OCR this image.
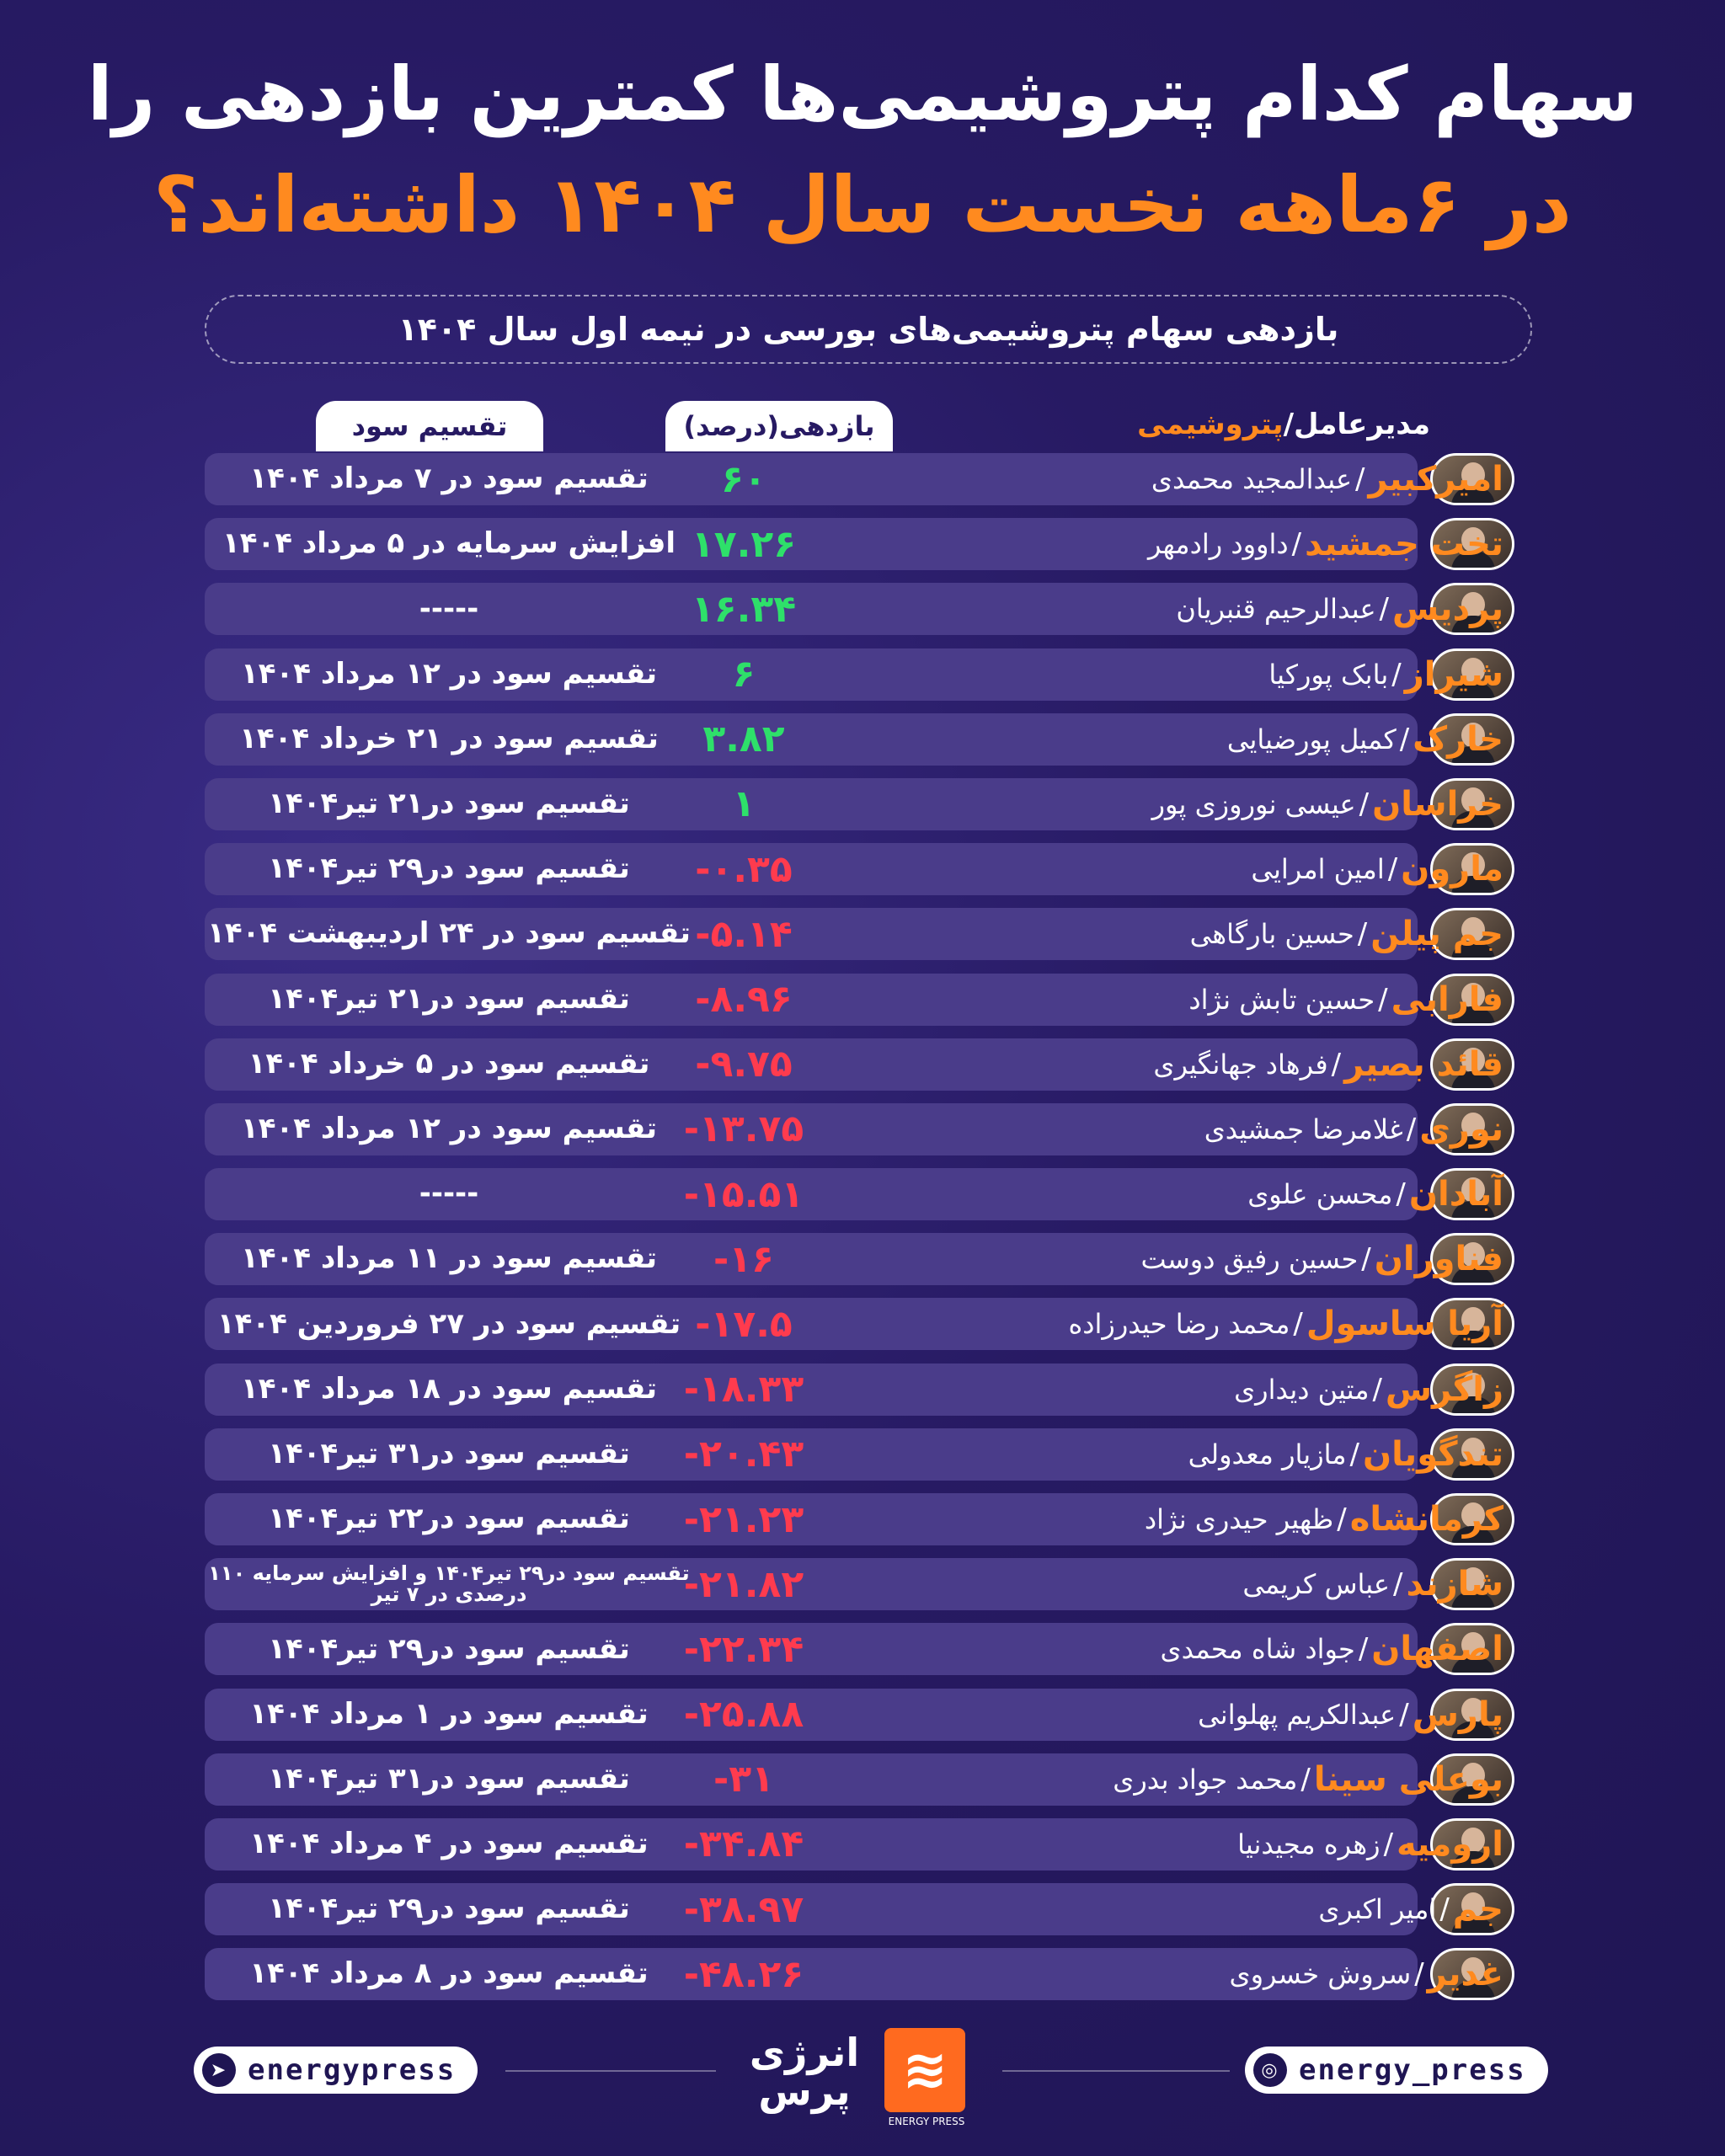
سهام کدام پتروشیمی‌ها کمترین بازدهی را
در ۶ماهه نخست سال ۱۴۰۴ داشته‌اند؟
بازدهی سهام پتروشیمی‌های بورسی در نیمه اول سال ۱۴۰۴
پتروشیمی /مدیرعامل
بازدهی(درصد)
تقسیم سود
امیرکبیر
/
عبدالمجید محمدی
۶۰
تقسیم سود در ۷ مرداد ۱۴۰۴
تخت جمشید
/
داوود رادمهر
۱۷.۲۶
افزایش سرمایه در ۵ مرداد ۱۴۰۴
پردیس
/
عبدالرحیم قنبریان
۱۶.۳۴
-----
شیراز
/
بابک پورکیا
۶
تقسیم سود در ۱۲ مرداد ۱۴۰۴
خارک
/
کمیل پورضیایی
۳.۸۲
تقسیم سود در ۲۱ خرداد ۱۴۰۴
خراسان
/
عیسی نوروزی پور
۱
تقسیم سود در۲۱ تیر۱۴۰۴
مارون
/
امین امرایی
-۰.۳۵
تقسیم سود در۲۹ تیر۱۴۰۴
جم پیلن
/
حسین بارگاهی
-۵.۱۴
تقسیم سود در ۲۴ اردیبهشت ۱۴۰۴
فارابی
/
حسین تابش نژاد
-۸.۹۶
تقسیم سود در۲۱ تیر۱۴۰۴
قائد بصیر
/
فرهاد جهانگیری
-۹.۷۵
تقسیم سود در ۵ خرداد ۱۴۰۴
نوری
/
غلامرضا جمشیدی
-۱۳.۷۵
تقسیم سود در ۱۲ مرداد ۱۴۰۴
آبادان
/
محسن علوی
-۱۵.۵۱
-----
فناوران
/
حسین رفیق دوست
-۱۶
تقسیم سود در ۱۱ مرداد ۱۴۰۴
آریا ساسول
/
محمد رضا حیدرزاده
-۱۷.۵
تقسیم سود در ۲۷ فروردین ۱۴۰۴
زاگرس
/
متین دیداری
-۱۸.۳۳
تقسیم سود در ۱۸ مرداد ۱۴۰۴
تندگویان
/
مازیار معدولی
-۲۰.۴۳
تقسیم سود در۳۱ تیر۱۴۰۴
کرمانشاه
/
ظهیر حیدری نژاد
-۲۱.۲۳
تقسیم سود در۲۲ تیر۱۴۰۴
شازند
/
عباس کریمی
-۲۱.۸۲
تقسیم سود در۲۹ تیر۱۴۰۴ و افزایش سرمایه ۱۱۰ درصدی در ۷ تیر
اصفهان
/
جواد شاه محمدی
-۲۲.۳۴
تقسیم سود در۲۹ تیر۱۴۰۴
پارس
/
عبدالکریم پهلوانی
-۲۵.۸۸
تقسیم سود در ۱ مرداد ۱۴۰۴
بوعلی سینا
/
محمد جواد بدری
-۳۱
تقسیم سود در۳۱ تیر۱۴۰۴
ارومیه
/
زهره مجیدنیا
-۳۴.۸۴
تقسیم سود در ۴ مرداد ۱۴۰۴
جم
/
امیر اکبری
-۳۸.۹۷
تقسیم سود در۲۹ تیر۱۴۰۴
غدیر
/
سروش خسروی
-۴۸.۲۶
تقسیم سود در ۸ مرداد ۱۴۰۴
➤ energypress	◎ energy_press
انرژی
پرس ≋
ENERGY PRESS
